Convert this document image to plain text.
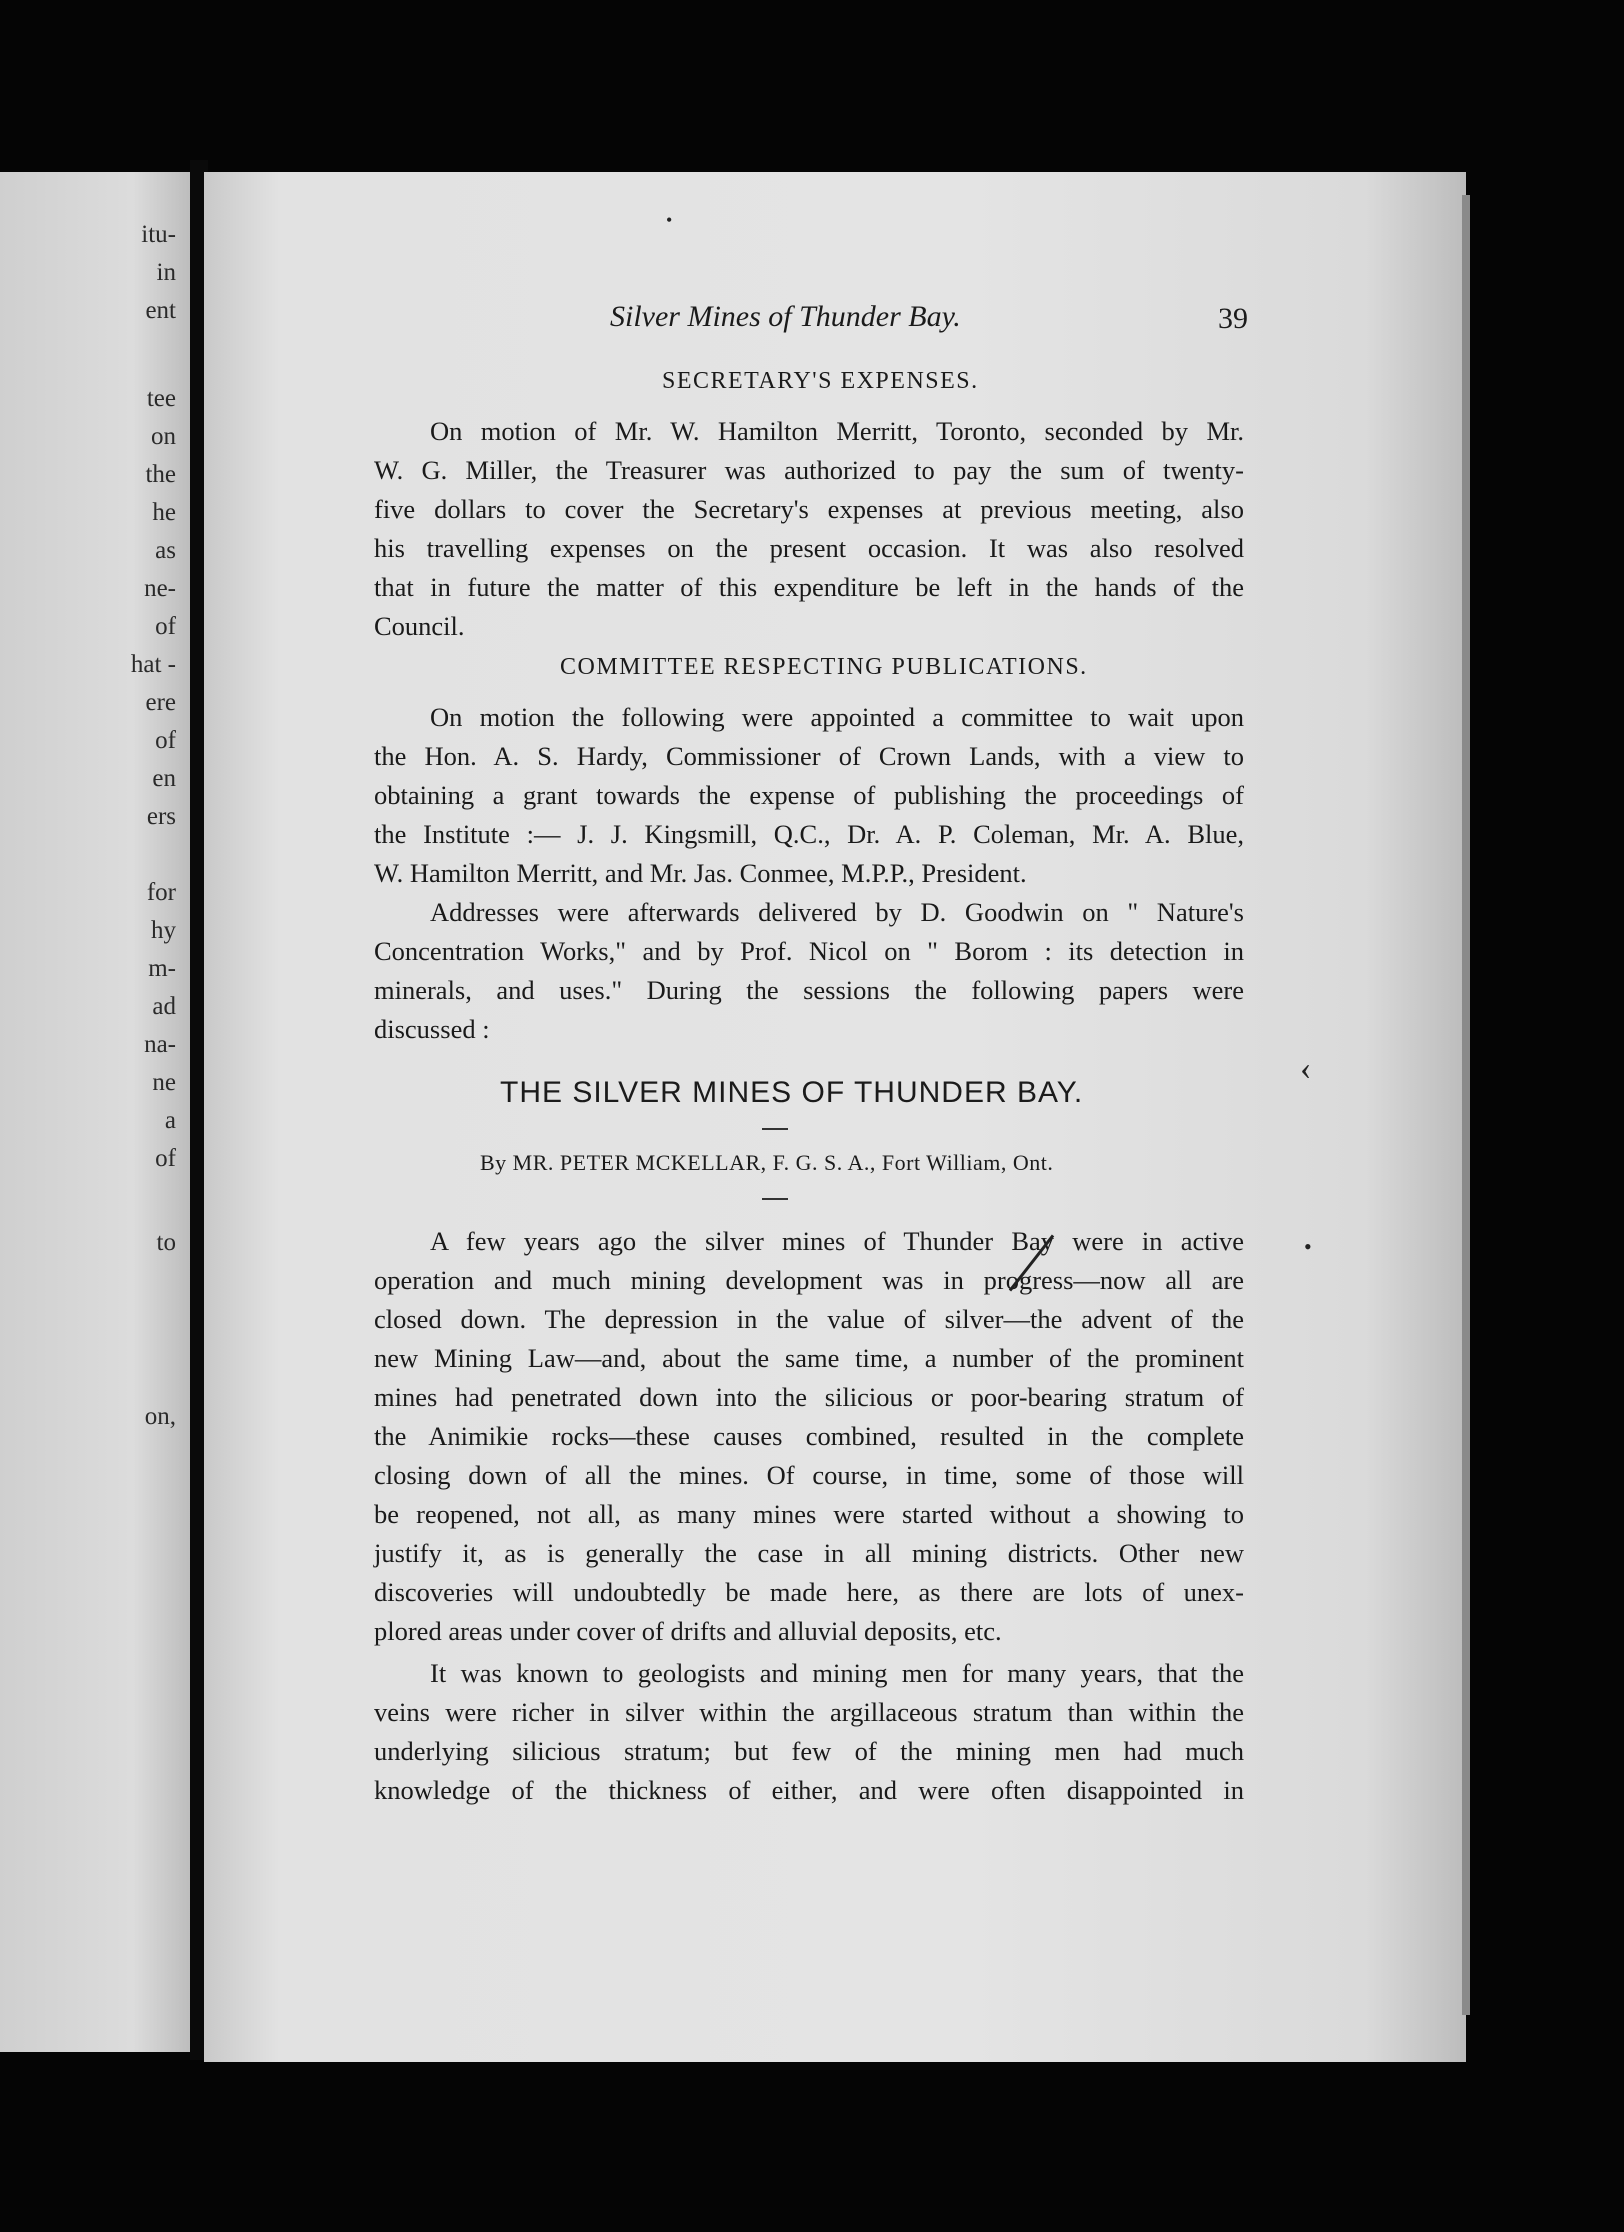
itu-
in
ent
tee
on
the
he
as
ne-
of
hat -
ere
of
en
ers
for
hy
m-
ad
na-
ne
a
of
to
on,
Silver Mines of Thunder Bay.	39
SECRETARY'S EXPENSES.
On motion of Mr. W. Hamilton Merritt, Toronto, seconded by Mr.
W. G. Miller, the Treasurer was authorized to pay the sum of twenty-
five dollars to cover the Secretary's expenses at previous meeting, also
his travelling expenses on the present occasion. It was also resolved
that in future the matter of this expenditure be left in the hands of the
Council.
COMMITTEE RESPECTING PUBLICATIONS.
On motion the following were appointed a committee to wait upon
the Hon. A. S. Hardy, Commissioner of Crown Lands, with a view to
obtaining a grant towards the expense of publishing the proceedings of
the Institute :— J. J. Kingsmill, Q.C., Dr. A. P. Coleman, Mr. A. Blue,
W. Hamilton Merritt, and Mr. Jas. Conmee, M.P.P., President.
Addresses were afterwards delivered by D. Goodwin on " Nature's
Concentration Works," and by Prof. Nicol on " Borom : its detection in
minerals, and uses." During the sessions the following papers were
discussed :
THE SILVER MINES OF THUNDER BAY.
By MR. PETER MCKELLAR, F. G. S. A., Fort William, Ont.
A few years ago the silver mines of Thunder Bay were in active
operation and much mining development was in progress—now all are
closed down. The depression in the value of silver—the advent of the
new Mining Law—and, about the same time, a number of the prominent
mines had penetrated down into the silicious or poor-bearing stratum of
the Animikie rocks—these causes combined, resulted in the complete
closing down of all the mines. Of course, in time, some of those will
be reopened, not all, as many mines were started without a showing to
justify it, as is generally the case in all mining districts. Other new
discoveries will undoubtedly be made here, as there are lots of unex-
plored areas under cover of drifts and alluvial deposits, etc.
It was known to geologists and mining men for many years, that the
veins were richer in silver within the argillaceous stratum than within the
underlying silicious stratum; but few of the mining men had much
knowledge of the thickness of either, and were often disappointed in
‹
•
•
